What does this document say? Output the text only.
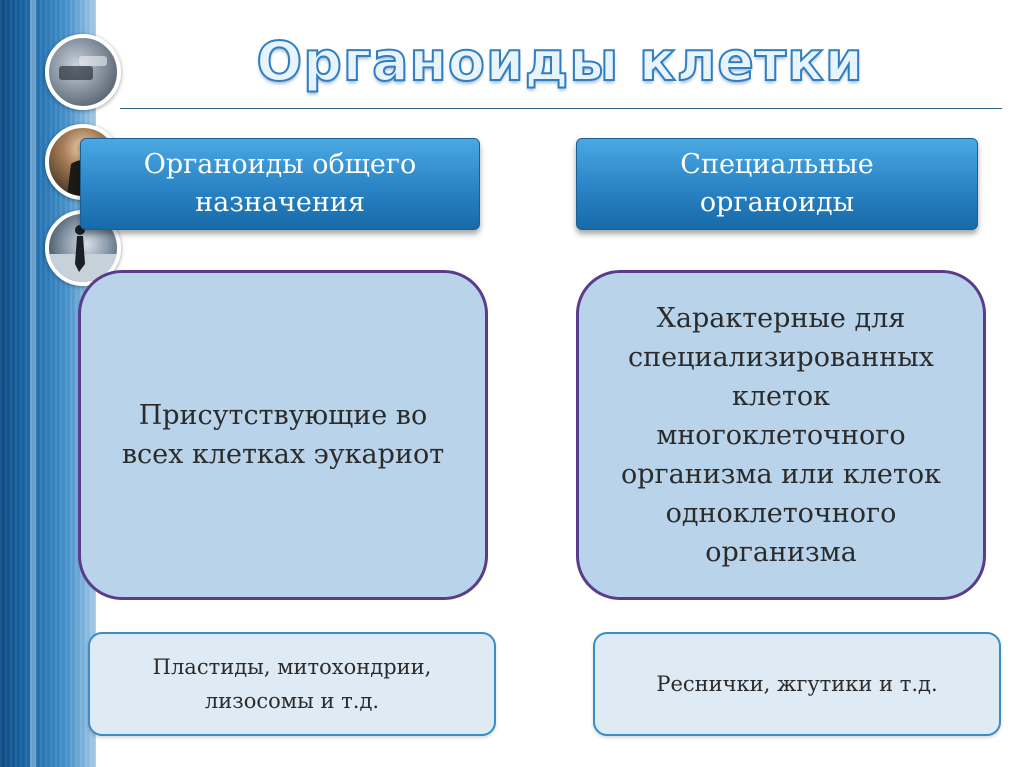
Органоиды клетки
Органоиды общего
назначения
Специальные
органоиды
Присутствующие во
всех клетках эукариот
Характерные для
специализированных
клеток
многоклеточного
организма или клеток
одноклеточного
организма
Пластиды, митохондрии,
лизосомы и т.д.
Реснички, жгутики и т.д.
